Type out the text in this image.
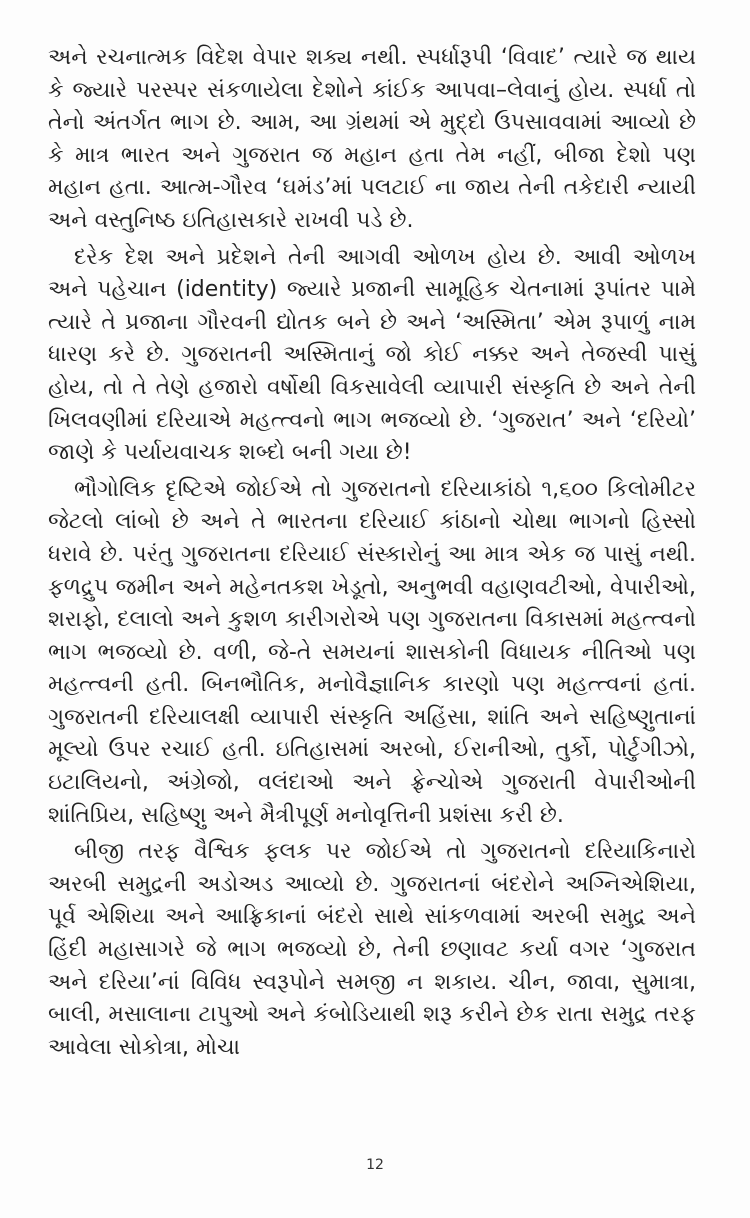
અને રચનાત્મક વિદેશ વેપાર શક્ય નથી. સ્પર્ધારૂપી ‘વિવાદ’ ત્યારે જ થાય કે જ્યારે પરસ્પર સંકળાયેલા દેશોને કાંઈક આપવા–લેવાનું હોય. સ્પર્ધા તો તેનો અંતર્ગત ભાગ છે. આમ, આ ગ્રંથમાં એ મુદ્દો ઉપસાવવામાં આવ્યો છે કે માત્ર ભારત અને ગુજરાત જ મહાન હતા તેમ નહીં, બીજા દેશો પણ મહાન હતા. આત્મ-ગૌરવ ‘ઘમંડ’માં પલટાઈ ના જાય તેની તકેદારી ન્યાયી અને વસ્તુનિષ્ઠ ઇતિહાસકારે રાખવી પડે છે.

દરેક દેશ અને પ્રદેશને તેની આગવી ઓળખ હોય છે. આવી ઓળખ અને પહેચાન (identity) જ્યારે પ્રજાની સામૂહિક ચેતનામાં રૂપાંતર પામે ત્યારે તે પ્રજાના ગૌરવની દ્યોતક બને છે અને ‘અસ્મિતા’ એમ રૂપાળું નામ ધારણ કરે છે. ગુજરાતની અસ્મિતાનું જો કોઈ નક્કર અને તેજસ્વી પાસું હોય, તો તે તેણે હજારો વર્ષોથી વિકસાવેલી વ્યાપારી સંસ્કૃતિ છે અને તેની ખિલવણીમાં દરિયાએ મહત્ત્વનો ભાગ ભજવ્યો છે. ‘ગુજરાત’ અને ‘દરિયો’ જાણે કે પર્યાયવાચક શબ્દો બની ગયા છે!

ભૌગોલિક દૃષ્ટિએ જોઈએ તો ગુજરાતનો દરિયાકાંઠો ૧,૬૦૦ કિલોમીટર જેટલો લાંબો છે અને તે ભારતના દરિયાઈ કાંઠાનો ચોથા ભાગનો હિસ્સો ધરાવે છે. પરંતુ ગુજરાતના દરિયાઈ સંસ્કારોનું આ માત્ર એક જ પાસું નથી. ફળદ્રુપ જમીન અને મહેનતકશ ખેડૂતો, અનુભવી વહાણવટીઓ, વેપારીઓ, શરાફો, દલાલો અને કુશળ કારીગરોએ પણ ગુજરાતના વિકાસમાં મહત્ત્વનો ભાગ ભજવ્યો છે. વળી, જે-તે સમયનાં શાસકોની વિધાયક નીતિઓ પણ મહત્ત્વની હતી. બિનભૌતિક, મનોવૈજ્ઞાનિક કારણો પણ મહત્ત્વનાં હતાં. ગુજરાતની દરિયાલક્ષી વ્યાપારી સંસ્કૃતિ અહિંસા, શાંતિ અને સહિષ્ણુતાનાં મૂલ્યો ઉપર રચાઈ હતી. ઇતિહાસમાં અરબો, ઈરાનીઓ, તુર્કો, પોર્ટુગીઝો, ઇટાલિયનો, અંગ્રેજો, વલંદાઓ અને ફ્રેન્ચોએ ગુજરાતી વેપારીઓની શાંતિપ્રિય, સહિષ્ણુ અને મૈત્રીપૂર્ણ મનોવૃત્તિની પ્રશંસા કરી છે.

બીજી તરફ વૈશ્વિક ફલક પર જોઈએ તો ગુજરાતનો દરિયાકિનારો અરબી સમુદ્રની અડોઅડ આવ્યો છે. ગુજરાતનાં બંદરોને અગ્નિએશિયા, પૂર્વ એશિયા અને આફ્રિકાનાં બંદરો સાથે સાંકળવામાં અરબી સમુદ્ર અને હિંદી મહાસાગરે જે ભાગ ભજવ્યો છે, તેની છણાવટ કર્યા વગર ‘ગુજરાત અને દરિયા’નાં વિવિધ સ્વરૂપોને સમજી ન શકાય. ચીન, જાવા, સુમાત્રા, બાલી, મસાલાના ટાપુઓ અને કંબોડિયાથી શરૂ કરીને છેક રાતા સમુદ્ર તરફ આવેલા સોકોત્રા, મોચા

12
